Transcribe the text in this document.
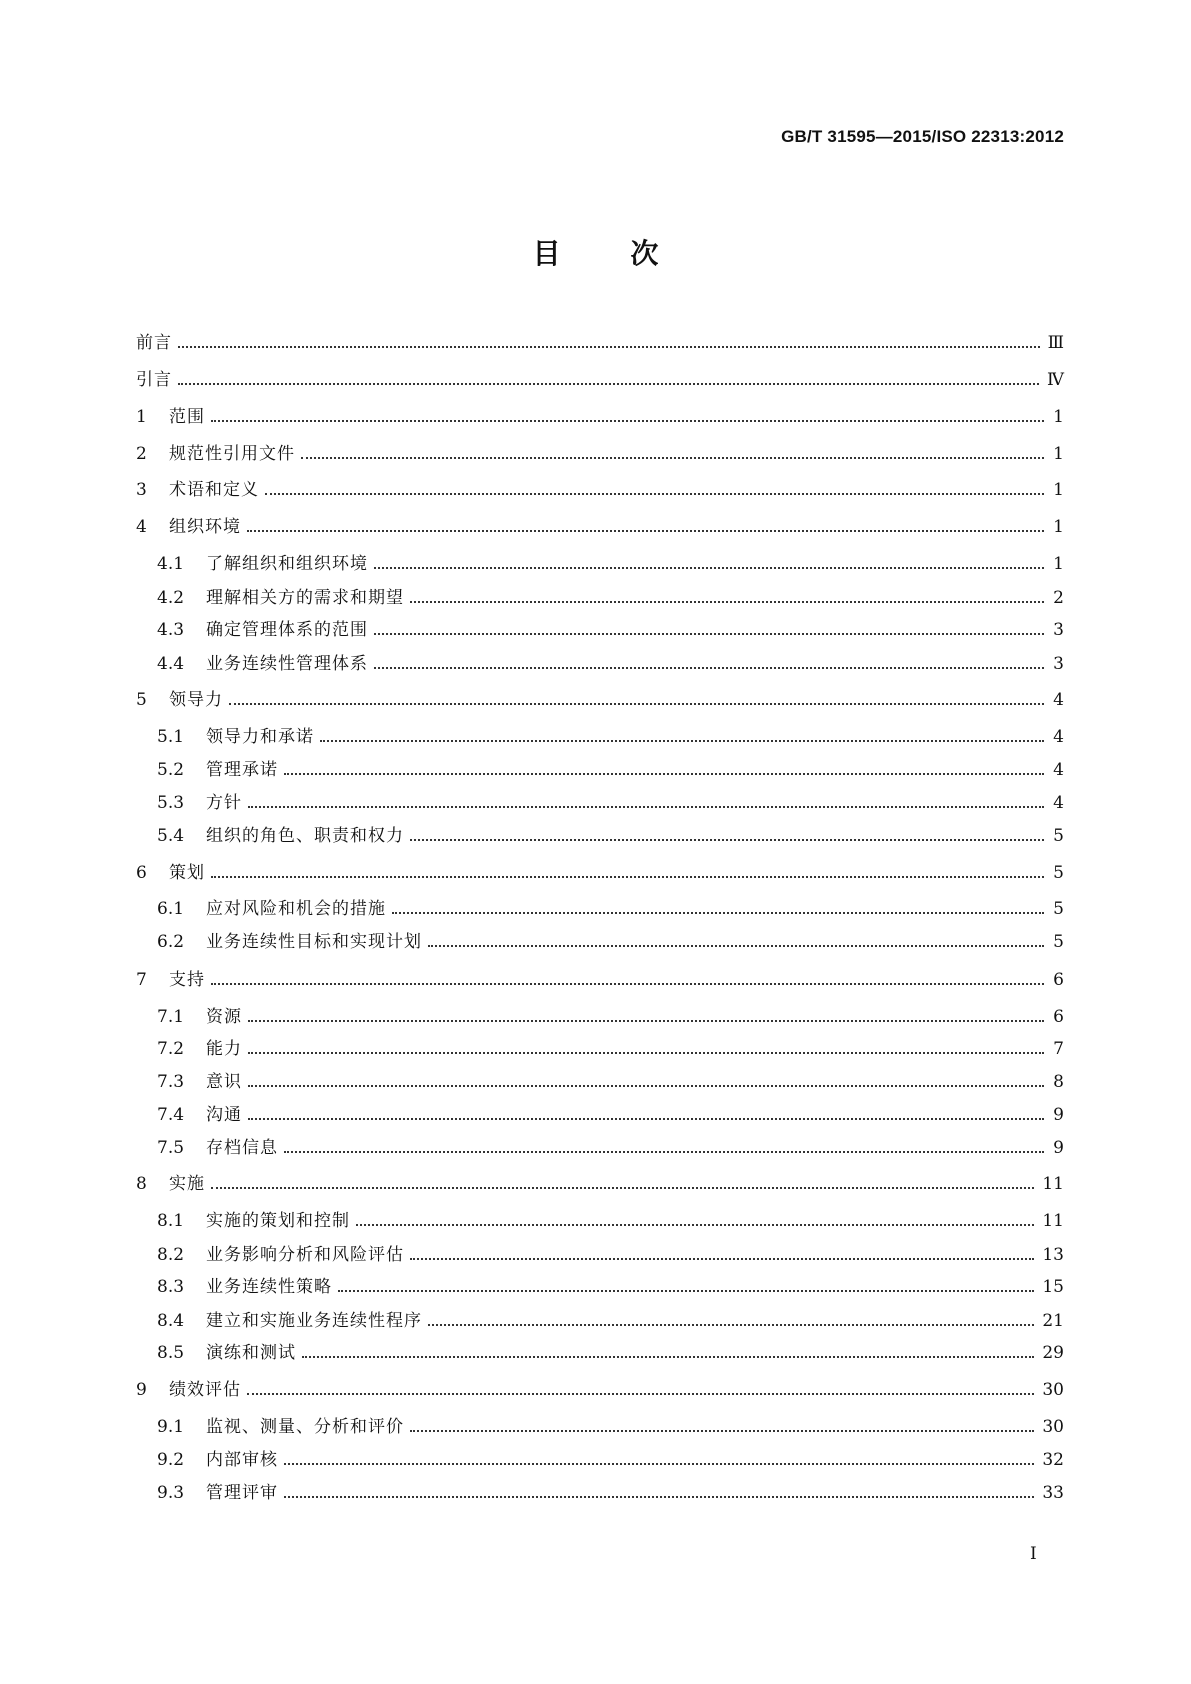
GB/T 31595—2015/ISO 22313:2012
目 次
前言	Ⅲ
引言	Ⅳ
1	范围	1
2	规范性引用文件	1
3	术语和定义	1
4	组织环境	1
4.1	了解组织和组织环境	1
4.2	理解相关方的需求和期望	2
4.3	确定管理体系的范围	3
4.4	业务连续性管理体系	3
5	领导力	4
5.1	领导力和承诺	4
5.2	管理承诺	4
5.3	方针	4
5.4	组织的角色、职责和权力	5
6	策划	5
6.1	应对风险和机会的措施	5
6.2	业务连续性目标和实现计划	5
7	支持	6
7.1	资源	6
7.2	能力	7
7.3	意识	8
7.4	沟通	9
7.5	存档信息	9
8	实施	11
8.1	实施的策划和控制	11
8.2	业务影响分析和风险评估	13
8.3	业务连续性策略	15
8.4	建立和实施业务连续性程序	21
8.5	演练和测试	29
9	绩效评估	30
9.1	监视、测量、分析和评价	30
9.2	内部审核	32
9.3	管理评审	33
I
